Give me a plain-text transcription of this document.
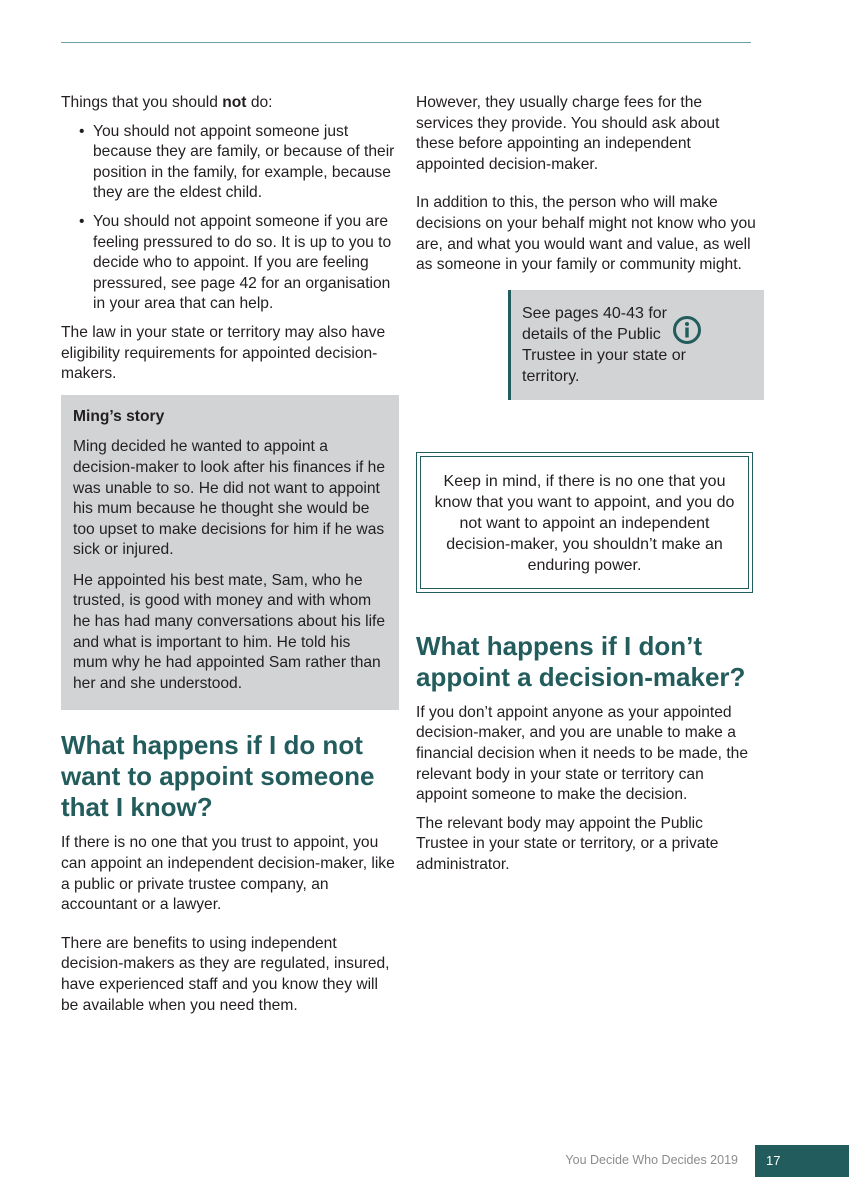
Things that you should not do:

• You should not appoint someone just because they are family, or because of their position in the family, for example, because they are the eldest child.
• You should not appoint someone if you are feeling pressured to do so. It is up to you to decide who to appoint. If you are feeling pressured, see page 42 for an organisation in your area that can help.

The law in your state or territory may also have eligibility requirements for appointed decision-makers.

Ming’s story

Ming decided he wanted to appoint a decision-maker to look after his finances if he was unable to so. He did not want to appoint his mum because he thought she would be too upset to make decisions for him if he was sick or injured.

He appointed his best mate, Sam, who he trusted, is good with money and with whom he has had many conversations about his life and what is important to him. He told his mum why he had appointed Sam rather than her and she understood.

What happens if I do not want to appoint someone that I know?

If there is no one that you trust to appoint, you can appoint an independent decision-maker, like a public or private trustee company, an accountant or a lawyer.

There are benefits to using independent decision-makers as they are regulated, insured, have experienced staff and you know they will be available when you need them.

However, they usually charge fees for the services they provide. You should ask about these before appointing an independent appointed decision-maker.

In addition to this, the person who will make decisions on your behalf might not know who you are, and what you would want and value, as well as someone in your family or community might.

See pages 40-43 for details of the Public Trustee in your state or territory.
Keep in mind, if there is no one that you know that you want to appoint, and you do not want to appoint an independent decision-maker, you shouldn’t make an enduring power.
What happens if I don’t appoint a decision-maker?

If you don’t appoint anyone as your appointed decision-maker, and you are unable to make a financial decision when it needs to be made, the relevant body in your state or territory can appoint someone to make the decision.

The relevant body may appoint the Public Trustee in your state or territory, or a private administrator.

You Decide Who Decides 2019	17
